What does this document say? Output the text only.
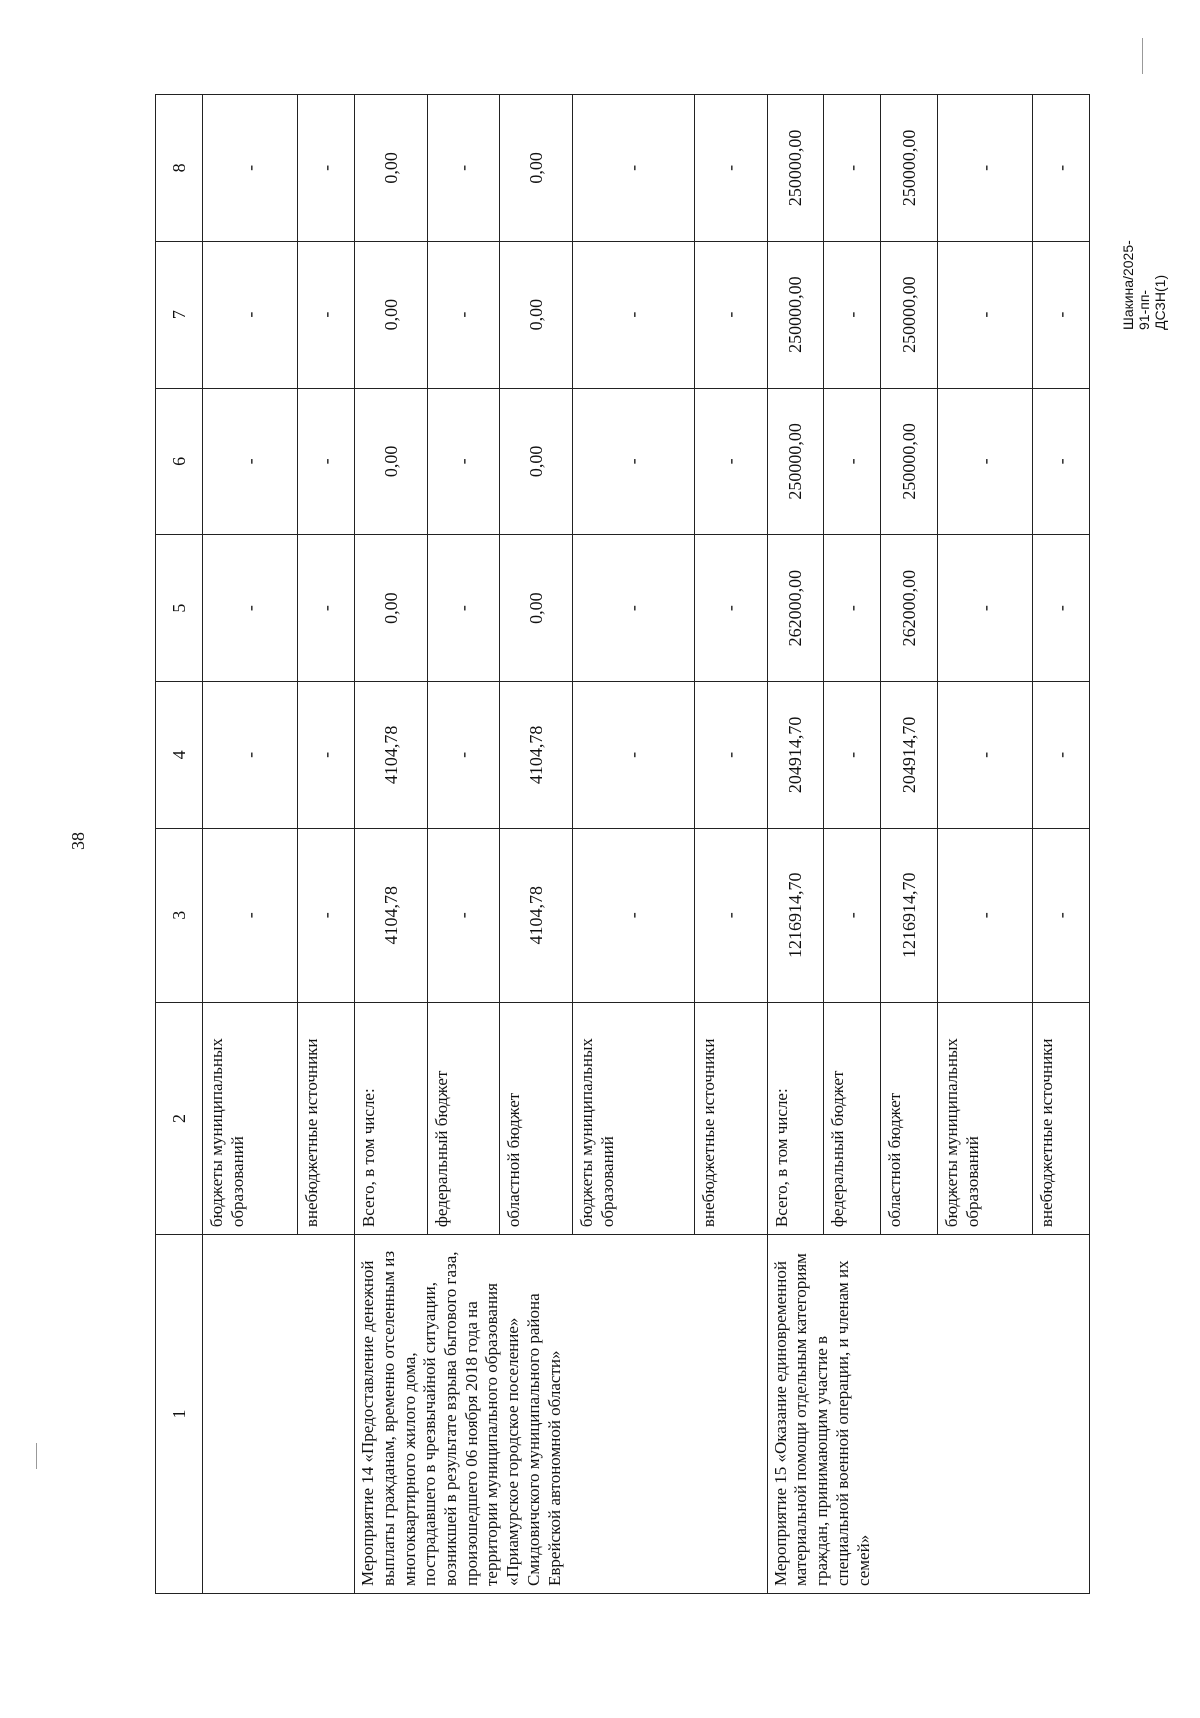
38
Шакина/2025-91-пп-ДСЗН(1)
1	2	3	4	5	6	7	8
	бюджеты муниципальных образований	-	-	-	-	-	-
	внебюджетные источники	-	-	-	-	-	-
Мероприятие 14 «Предоставление денежной выплаты гражданам, временно отселенным из многоквартирного жилого дома, пострадавшего в чрезвычайной ситуации, возникшей в результате взрыва бытового газа, произошедшего 06 ноября 2018 года на территории муниципального образования «Приамурское городское поселение» Смидовичского муниципального района Еврейской автономной области»	Всего, в том числе:	4104,78	4104,78	0,00	0,00	0,00	0,00
	федеральный бюджет	-	-	-	-	-	-
	областной бюджет	4104,78	4104,78	0,00	0,00	0,00	0,00
	бюджеты муниципальных образований	-	-	-	-	-	-
	внебюджетные источники	-	-	-	-	-	-
Мероприятие 15 «Оказание единовременной материальной помощи отдельным категориям граждан, принимающим участие в специальной военной операции, и членам их семей»	Всего, в том числе:	1216914,70	204914,70	262000,00	250000,00	250000,00	250000,00
	федеральный бюджет	-	-	-	-	-	-
	областной бюджет	1216914,70	204914,70	262000,00	250000,00	250000,00	250000,00
	бюджеты муниципальных образований	-	-	-	-	-	-
	внебюджетные источники	-	-	-	-	-	-
